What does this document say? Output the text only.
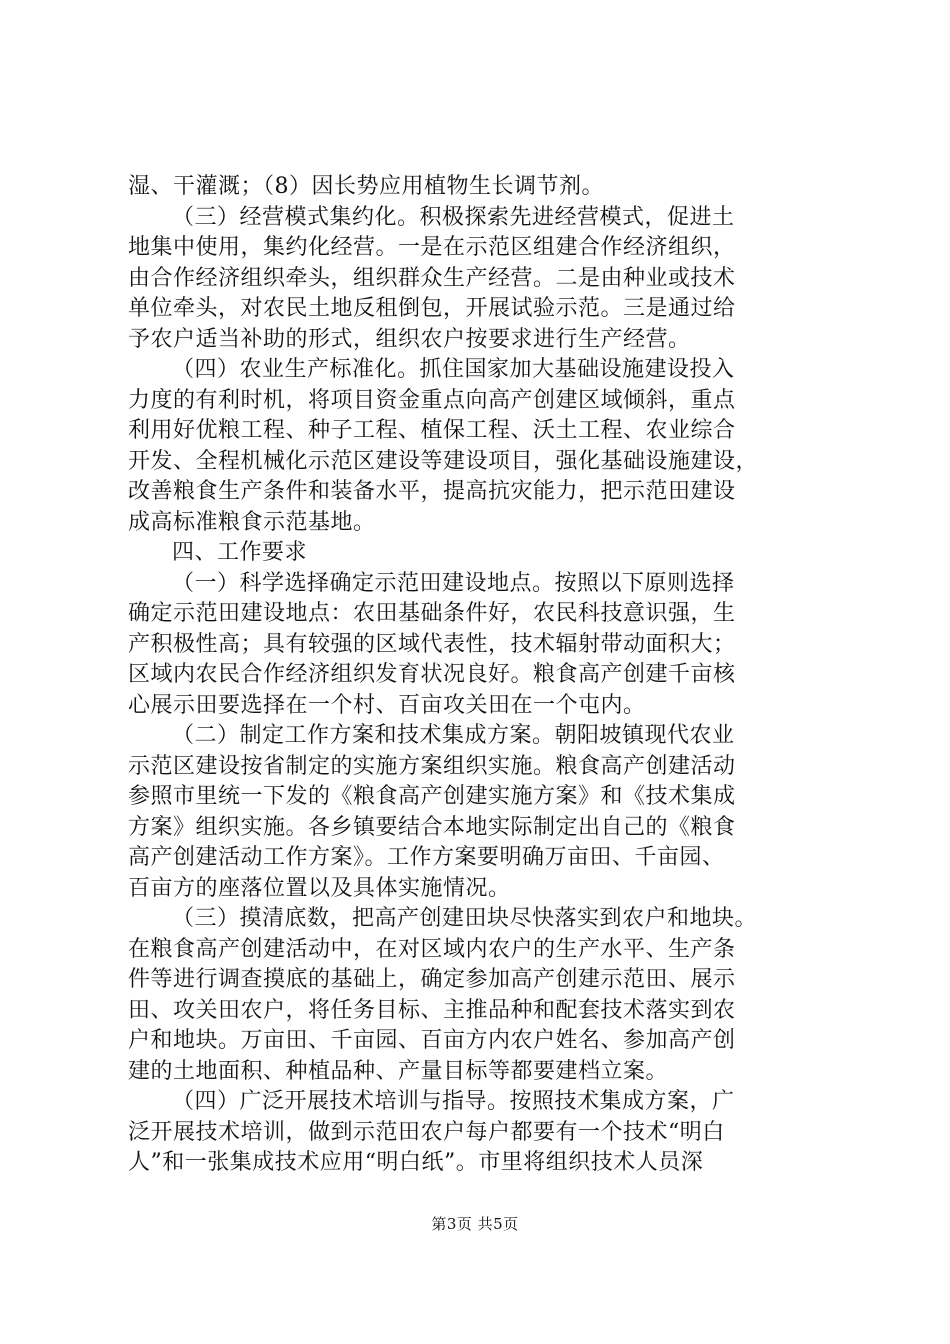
湿、干灌溉；（8）因长势应用植物生长调节剂。
（三）经营模式集约化。积极探索先进经营模式，促进土
地集中使用，集约化经营。一是在示范区组建合作经济组织，
由合作经济组织牵头，组织群众生产经营。二是由种业或技术
单位牵头，对农民土地反租倒包，开展试验示范。三是通过给
予农户适当补助的形式，组织农户按要求进行生产经营。
（四）农业生产标准化。抓住国家加大基础设施建设投入
力度的有利时机，将项目资金重点向高产创建区域倾斜，重点
利用好优粮工程、种子工程、植保工程、沃土工程、农业综合
开发、全程机械化示范区建设等建设项目，强化基础设施建设，
改善粮食生产条件和装备水平，提高抗灾能力，把示范田建设
成高标准粮食示范基地。
四、工作要求
（一）科学选择确定示范田建设地点。按照以下原则选择
确定示范田建设地点：农田基础条件好，农民科技意识强，生
产积极性高；具有较强的区域代表性，技术辐射带动面积大；
区域内农民合作经济组织发育状况良好。粮食高产创建千亩核
心展示田要选择在一个村、百亩攻关田在一个屯内。
（二）制定工作方案和技术集成方案。朝阳坡镇现代农业
示范区建设按省制定的实施方案组织实施。粮食高产创建活动
参照市里统一下发的《粮食高产创建实施方案》和《技术集成
方案》组织实施。各乡镇要结合本地实际制定出自己的《粮食
高产创建活动工作方案》。工作方案要明确万亩田、千亩园、
百亩方的座落位置以及具体实施情况。
（三）摸清底数，把高产创建田块尽快落实到农户和地块。
在粮食高产创建活动中，在对区域内农户的生产水平、生产条
件等进行调查摸底的基础上，确定参加高产创建示范田、展示
田、攻关田农户，将任务目标、主推品种和配套技术落实到农
户和地块。万亩田、千亩园、百亩方内农户姓名、参加高产创
建的土地面积、种植品种、产量目标等都要建档立案。
（四）广泛开展技术培训与指导。按照技术集成方案，广
泛开展技术培训，做到示范田农户每户都要有一个技术“明白
人”和一张集成技术应用“明白纸”。市里将组织技术人员深
第3页 共5页
